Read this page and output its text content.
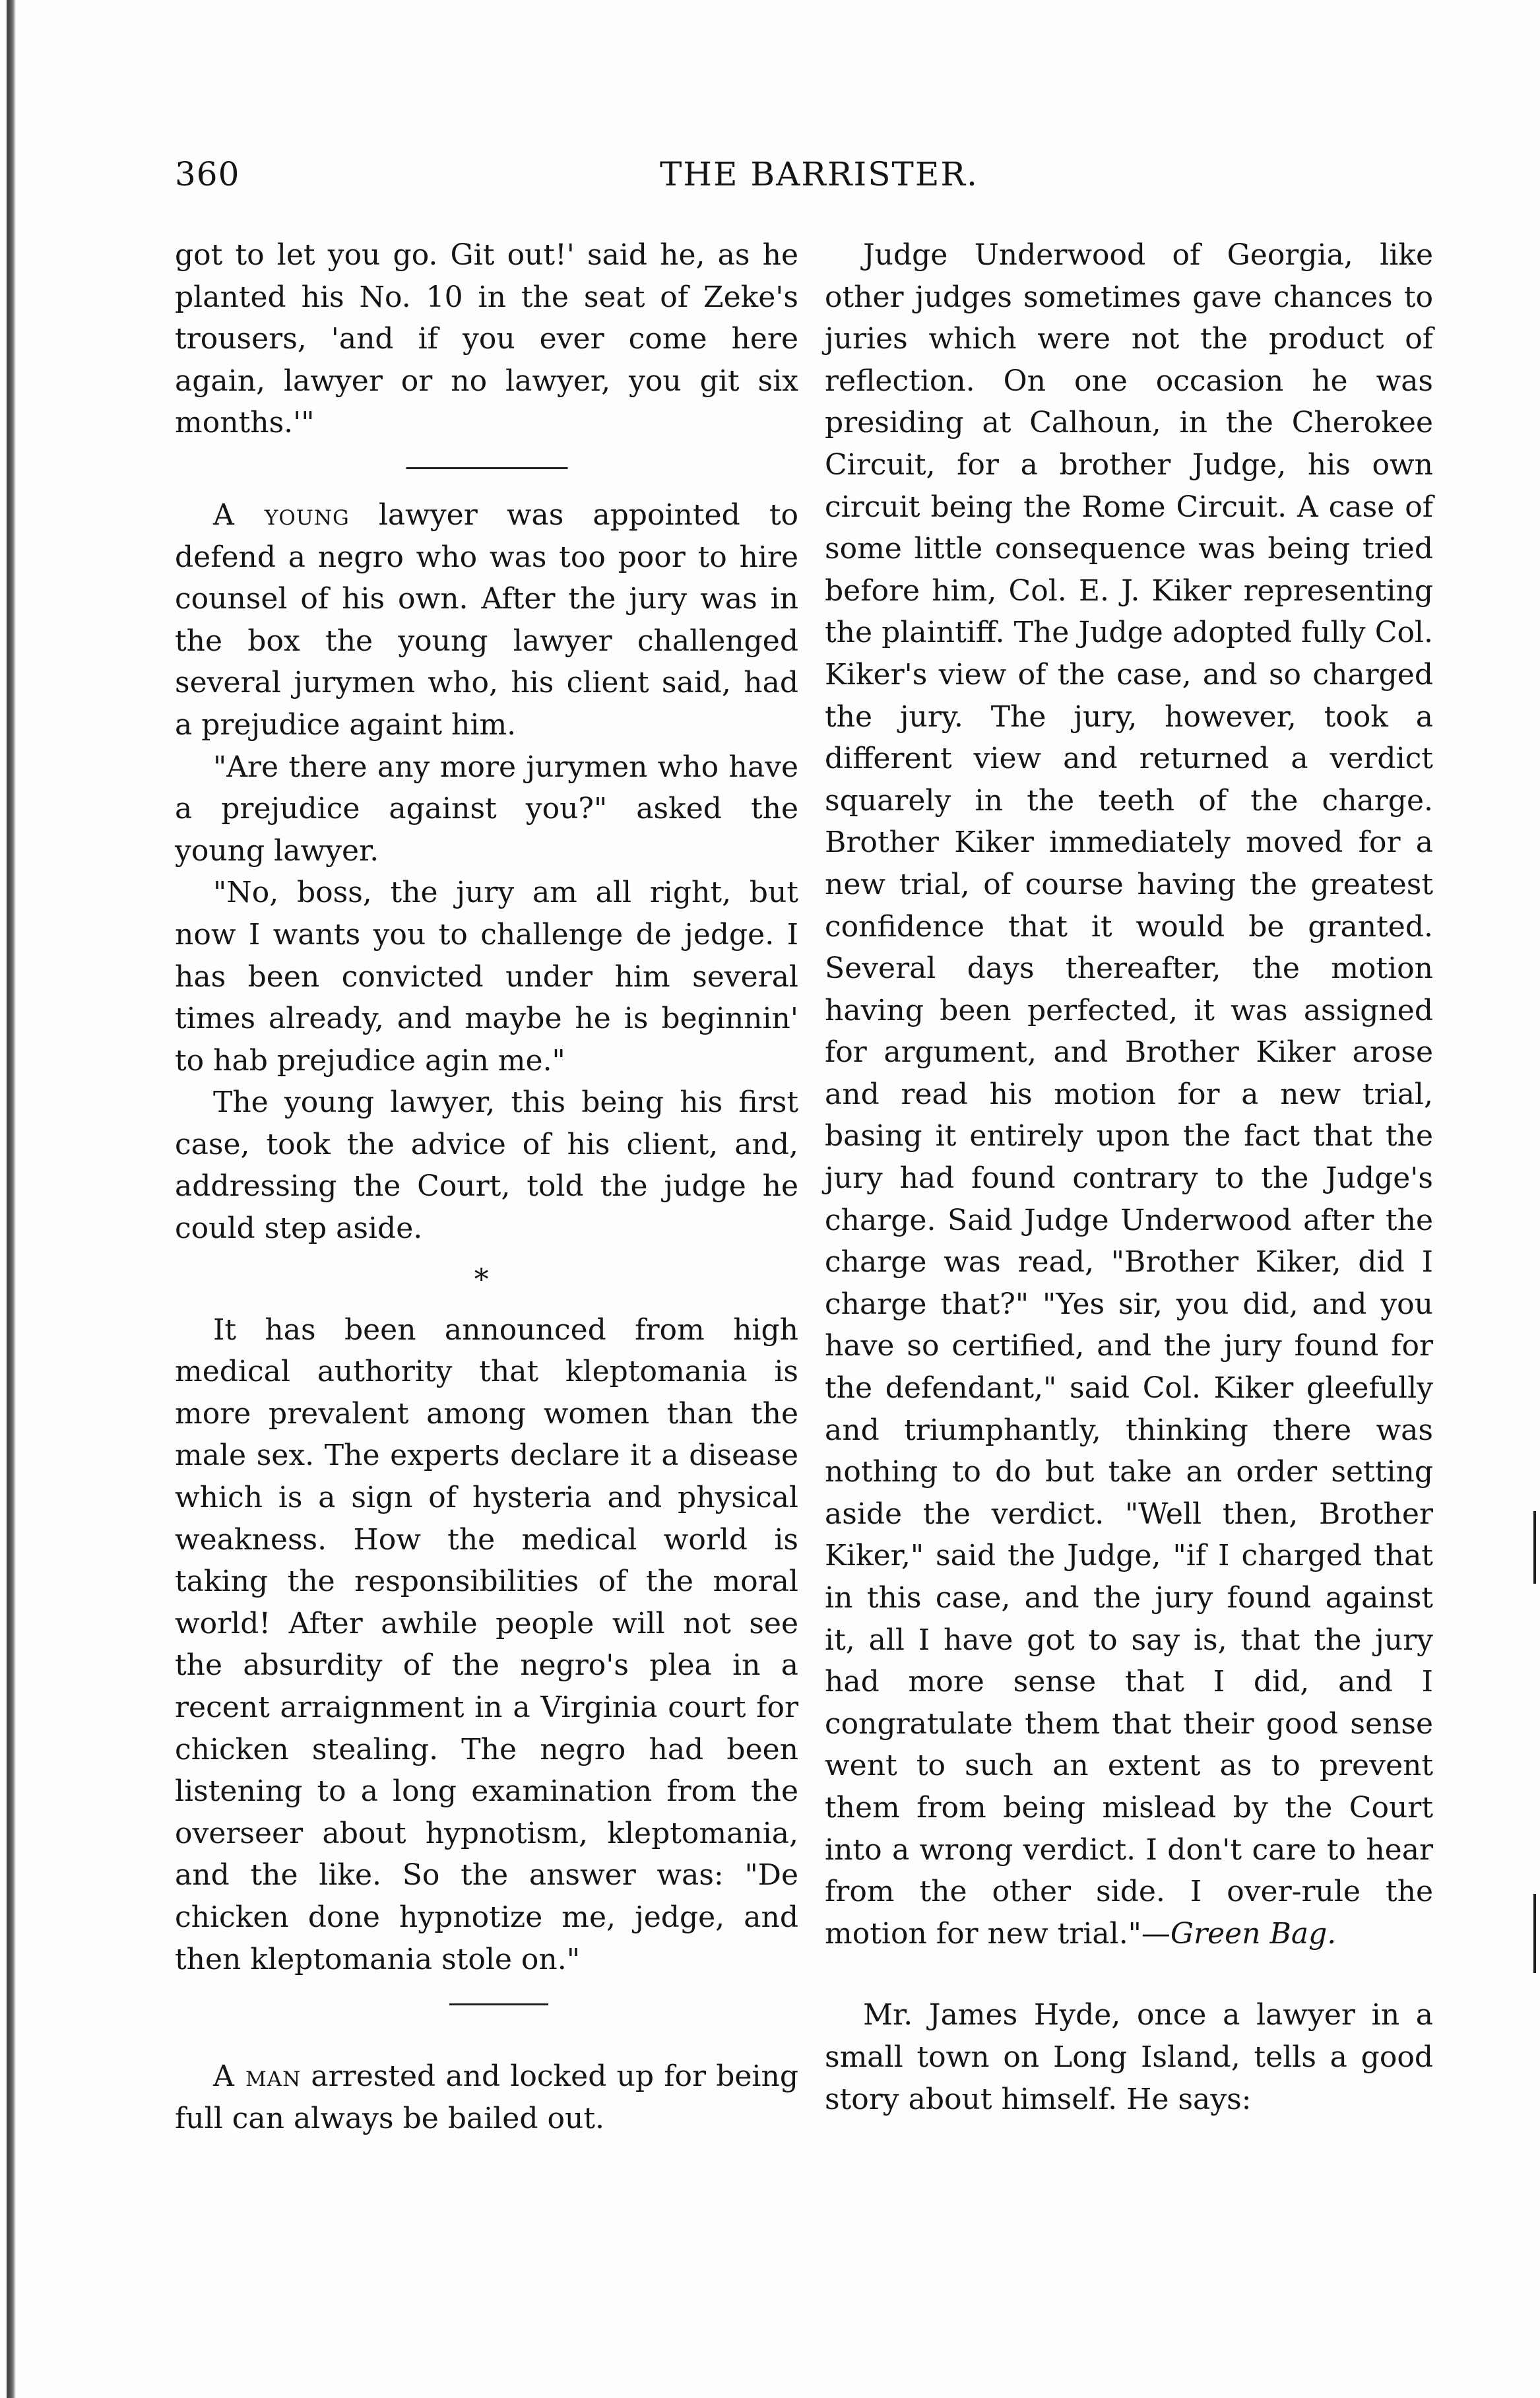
360	THE BARRISTER.

got to let you go. Git out!' said he, as he planted his No. 10 in the seat of Zeke's trousers, 'and if you ever come here again, lawyer or no lawyer, you git six months.'"

A young lawyer was appointed to defend a negro who was too poor to hire counsel of his own. After the jury was in the box the young lawyer challenged several jurymen who, his client said, had a prejudice againt him.

"Are there any more jurymen who have a prejudice against you?" asked the young lawyer.

"No, boss, the jury am all right, but now I wants you to challenge de jedge. I has been convicted under him several times already, and maybe he is beginnin' to hab prejudice agin me."

The young lawyer, this being his first case, took the advice of his client, and, addressing the Court, told the judge he could step aside.

*

It has been announced from high medical authority that kleptomania is more prevalent among women than the male sex. The experts declare it a disease which is a sign of hysteria and physical weakness. How the medical world is taking the responsibilities of the moral world! After awhile people will not see the absurdity of the negro's plea in a recent arraignment in a Virginia court for chicken stealing. The negro had been listening to a long examination from the overseer about hypnotism, kleptomania, and the like. So the answer was: "De chicken done hypnotize me, jedge, and then kleptomania stole on."

A man arrested and locked up for being full can always be bailed out.

Judge Underwood of Georgia, like other judges sometimes gave chances to juries which were not the product of reflection. On one occasion he was presiding at Calhoun, in the Cherokee Circuit, for a brother Judge, his own circuit being the Rome Circuit. A case of some little consequence was being tried before him, Col. E. J. Kiker representing the plaintiff. The Judge adopted fully Col. Kiker's view of the case, and so charged the jury. The jury, however, took a different view and returned a verdict squarely in the teeth of the charge. Brother Kiker immediately moved for a new trial, of course having the greatest confidence that it would be granted. Several days thereafter, the motion having been perfected, it was assigned for argument, and Brother Kiker arose and read his motion for a new trial, basing it entirely upon the fact that the jury had found contrary to the Judge's charge. Said Judge Underwood after the charge was read, "Brother Kiker, did I charge that?" "Yes sir, you did, and you have so certified, and the jury found for the defendant," said Col. Kiker gleefully and triumphantly, thinking there was nothing to do but take an order setting aside the verdict. "Well then, Brother Kiker," said the Judge, "if I charged that in this case, and the jury found against it, all I have got to say is, that the jury had more sense that I did, and I congratulate them that their good sense went to such an extent as to prevent them from being mislead by the Court into a wrong verdict. I don't care to hear from the other side. I over-rule the motion for new trial."—Green Bag.

Mr. James Hyde, once a lawyer in a small town on Long Island, tells a good story about himself. He says:
